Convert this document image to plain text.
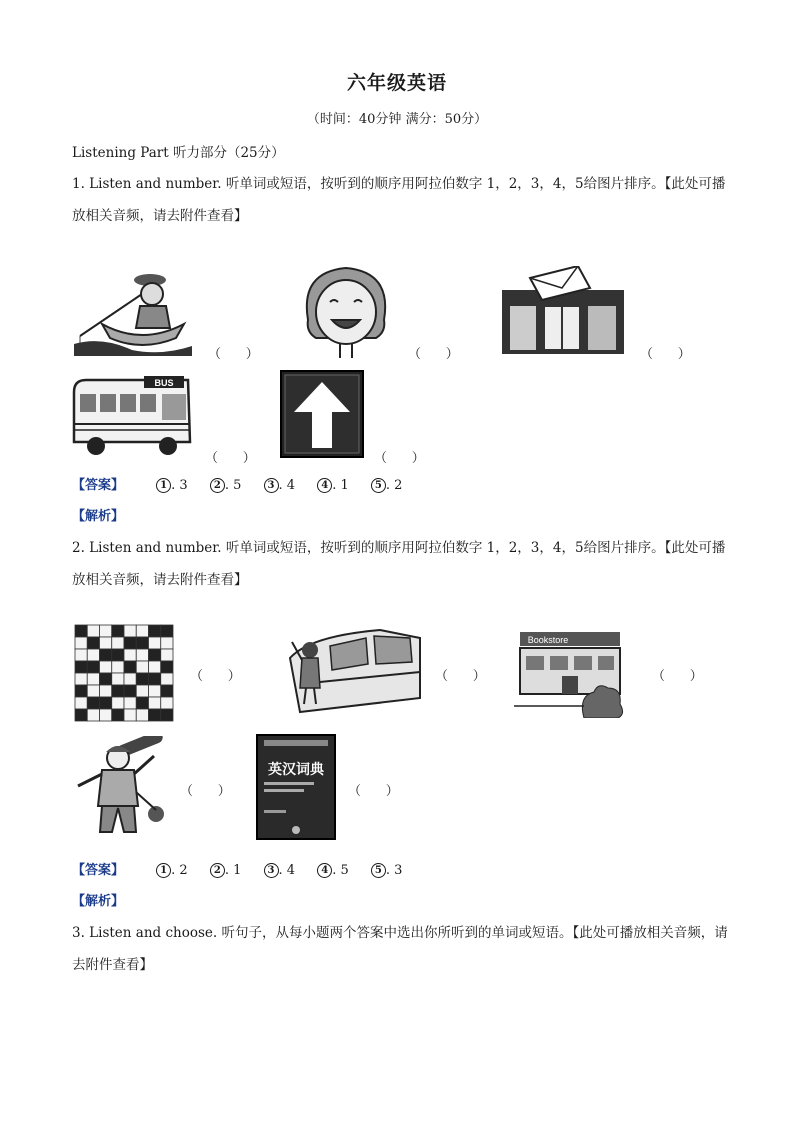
六年级英语
（时间：40分钟 满分：50分）
Listening Part 听力部分（25分）
1. Listen and number. 听单词或短语，按听到的顺序用阿拉伯数字 1，2，3，4，5给图片排序。【此处可播
放相关音频，请去附件查看】
（      ）	（      ）	（      ）
BUS
（      ）	（      ）
【答案】	1 . 3	2 . 5	3 . 4	4 . 1	5 . 2
【解析】
2. Listen and number. 听单词或短语，按听到的顺序用阿拉伯数字 1，2，3，4，5给图片排序。【此处可播
放相关音频，请去附件查看】
（      ）	（      ）
Bookstore
（      ）
（      ）
英汉词典
（      ）
【答案】	1 . 2	2 . 1	3 . 4	4 . 5	5 . 3
【解析】
3. Listen and choose. 听句子，从每小题两个答案中选出你所听到的单词或短语。【此处可播放相关音频，请
去附件查看】
